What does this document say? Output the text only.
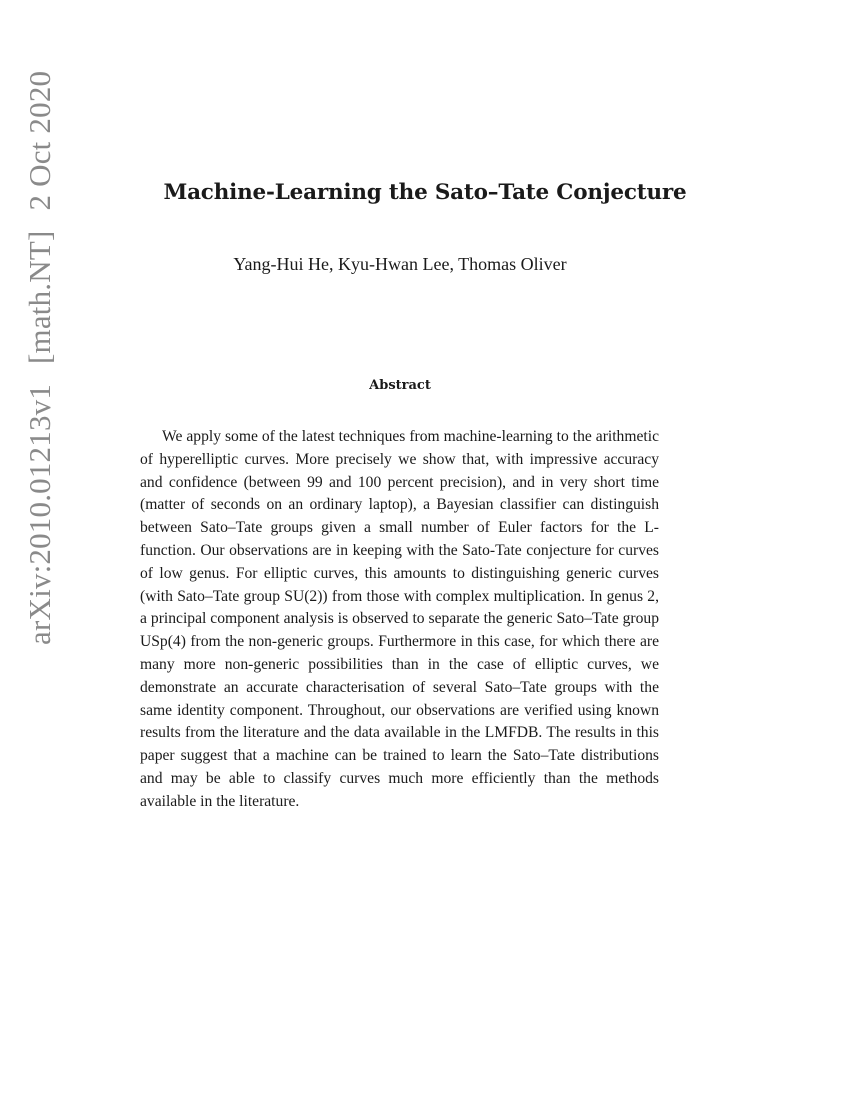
arXiv:2010.01213v1 [math.NT] 2 Oct 2020	Machine-Learning the Sato–Tate Conjecture
Yang-Hui He, Kyu-Hwan Lee, Thomas Oliver
Abstract
We apply some of the latest techniques from machine-learning to the arithmetic of hyperelliptic curves. More precisely we show that, with impressive accuracy and confidence (between 99 and 100 percent precision), and in very short time (matter of seconds on an ordinary laptop), a Bayesian classifier can distinguish between Sato–Tate groups given a small number of Euler factors for the L-function. Our observations are in keeping with the Sato-Tate conjecture for curves of low genus. For elliptic curves, this amounts to distinguishing generic curves (with Sato–Tate group SU(2)) from those with complex multiplication. In genus 2, a principal component analysis is observed to separate the generic Sato–Tate group USp(4) from the non-generic groups. Furthermore in this case, for which there are many more non-generic possibilities than in the case of elliptic curves, we demonstrate an accurate characterisation of several Sato–Tate groups with the same identity component. Throughout, our observations are verified using known results from the literature and the data available in the LMFDB. The results in this paper suggest that a machine can be trained to learn the Sato–Tate distributions and may be able to classify curves much more efficiently than the methods available in the literature.
